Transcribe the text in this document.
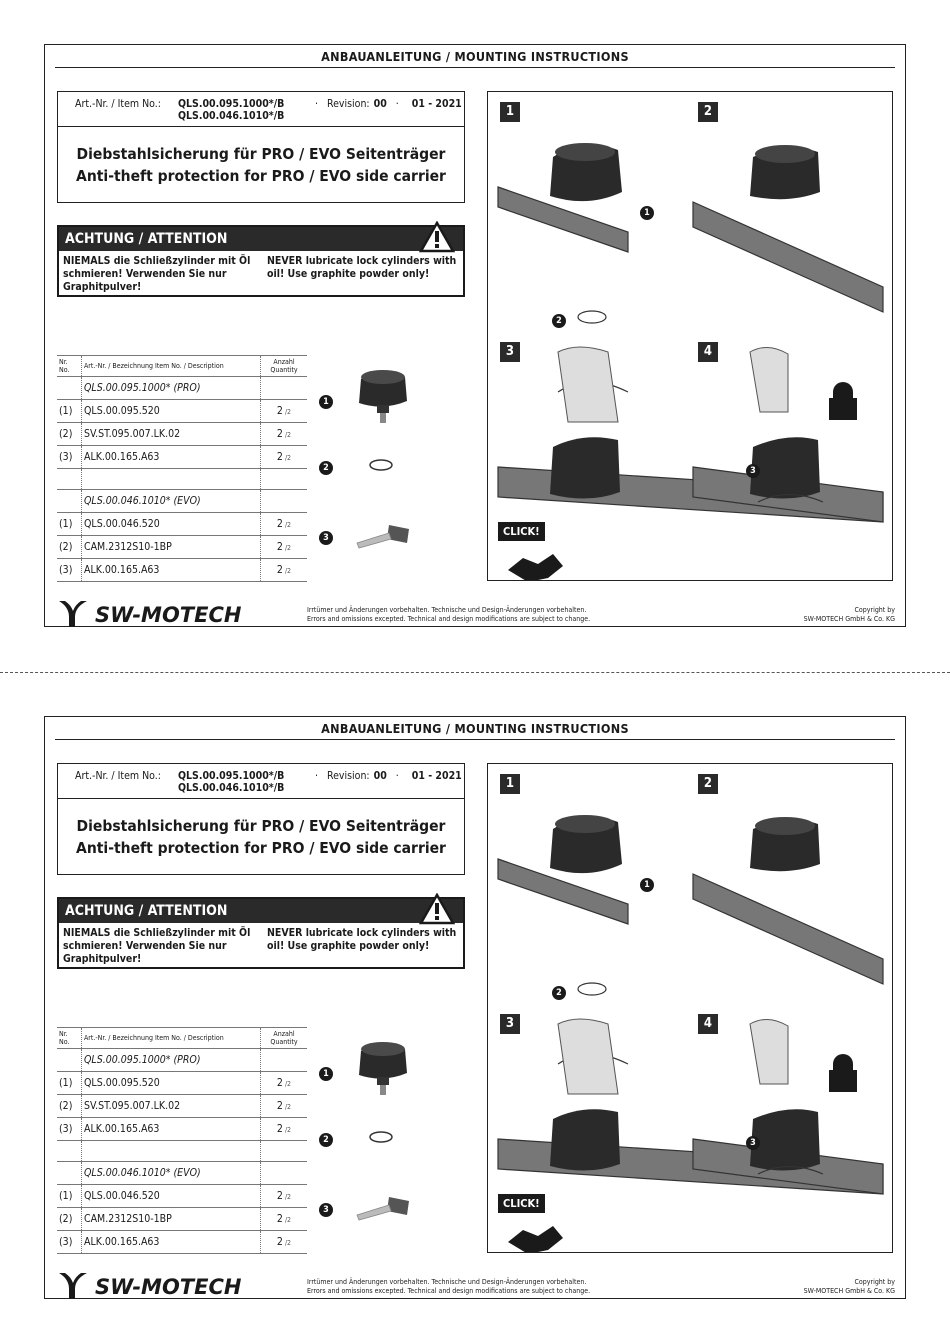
ANBAUANLEITUNG / MOUNTING INSTRUCTIONS
Art.-Nr. / Item No.: QLS.00.095.1000*/B
QLS.00.046.1010*/B
· Revision: 00 · 01 - 2021
Diebstahlsicherung für PRO / EVO Seitenträger
Anti-theft protection for PRO / EVO side carrier
ACHTUNG / ATTENTION
NIEMALS die Schließzylinder mit Öl schmieren! Verwenden Sie nur Graphitpulver!
NEVER lubricate lock cylinders with oil! Use graphite powder only!
Nr. No.	Art.-Nr. / Bezeichnung Item No. / Description	Anzahl Quantity
	QLS.00.095.1000* (PRO)	
(1)	QLS.00.095.520	2 /2
(2)	SV.ST.095.007.LK.02	2 /2
(3)	ALK.00.165.A63	2 /2

	QLS.00.046.1010* (EVO)	
(1)	QLS.00.046.520	2 /2
(2)	CAM.2312S10-1BP	2 /2
(3)	ALK.00.165.A63	2 /2
1
2
3
1	2
3	4
1
2
3
CLICK!
SW-MOTECH	Irrtümer und Änderungen vorbehalten. Technische und Design-Änderungen vorbehalten.
Errors and omissions excepted. Technical and design modifications are subject to change.
Copyright by
SW-MOTECH GmbH & Co. KG
ANBAUANLEITUNG / MOUNTING INSTRUCTIONS
Art.-Nr. / Item No.: QLS.00.095.1000*/B
QLS.00.046.1010*/B
· Revision: 00 · 01 - 2021
Diebstahlsicherung für PRO / EVO Seitenträger
Anti-theft protection for PRO / EVO side carrier
ACHTUNG / ATTENTION
NIEMALS die Schließzylinder mit Öl schmieren! Verwenden Sie nur Graphitpulver!
NEVER lubricate lock cylinders with oil! Use graphite powder only!
Nr. No.	Art.-Nr. / Bezeichnung Item No. / Description	Anzahl Quantity
	QLS.00.095.1000* (PRO)	
(1)	QLS.00.095.520	2 /2
(2)	SV.ST.095.007.LK.02	2 /2
(3)	ALK.00.165.A63	2 /2

	QLS.00.046.1010* (EVO)	
(1)	QLS.00.046.520	2 /2
(2)	CAM.2312S10-1BP	2 /2
(3)	ALK.00.165.A63	2 /2
1
2
3
1	2
3	4
1
2
3
CLICK!
SW-MOTECH	Irrtümer und Änderungen vorbehalten. Technische und Design-Änderungen vorbehalten.
Errors and omissions excepted. Technical and design modifications are subject to change.
Copyright by
SW-MOTECH GmbH & Co. KG
